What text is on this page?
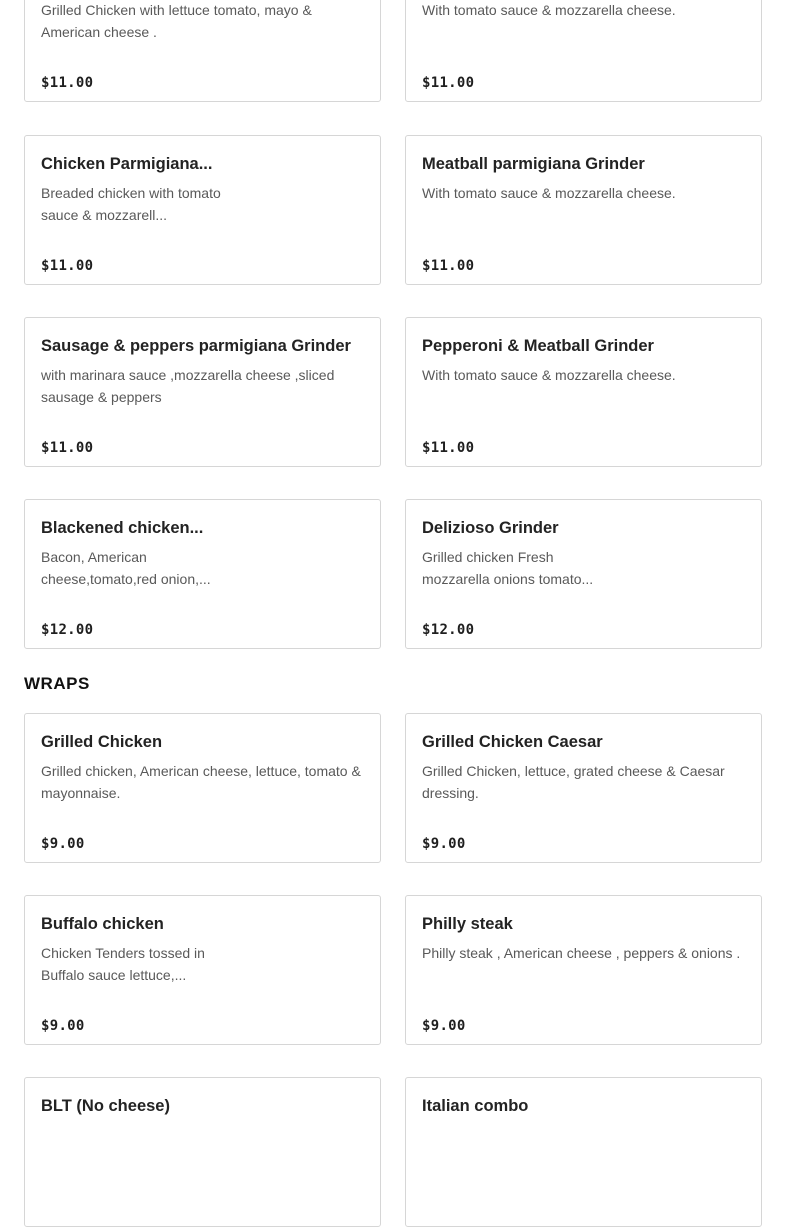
Grilled Chicken with lettuce tomato, mayo & American cheese .
$11.00
With tomato sauce & mozzarella cheese.
$11.00
Chicken Parmigiana...
Breaded chicken with tomato sauce & mozzarell...
$11.00
Meatball parmigiana Grinder
With tomato sauce & mozzarella cheese.
$11.00
Sausage & peppers parmigiana Grinder
with marinara sauce ,mozzarella cheese ,sliced sausage & peppers
$11.00
Pepperoni & Meatball Grinder
With tomato sauce & mozzarella cheese.
$11.00
Blackened chicken...
Bacon, American cheese,tomato,red onion,...
$12.00
Delizioso Grinder
Grilled chicken Fresh mozzarella onions tomato...
$12.00
WRAPS
Grilled Chicken
Grilled chicken, American cheese, lettuce, tomato & mayonnaise.
$9.00
Grilled Chicken Caesar
Grilled Chicken, lettuce, grated cheese & Caesar dressing.
$9.00
Buffalo chicken
Chicken Tenders tossed in Buffalo sauce lettuce,...
$9.00
Philly steak
Philly steak , American cheese , peppers & onions .
$9.00
BLT (No cheese)	Italian combo
